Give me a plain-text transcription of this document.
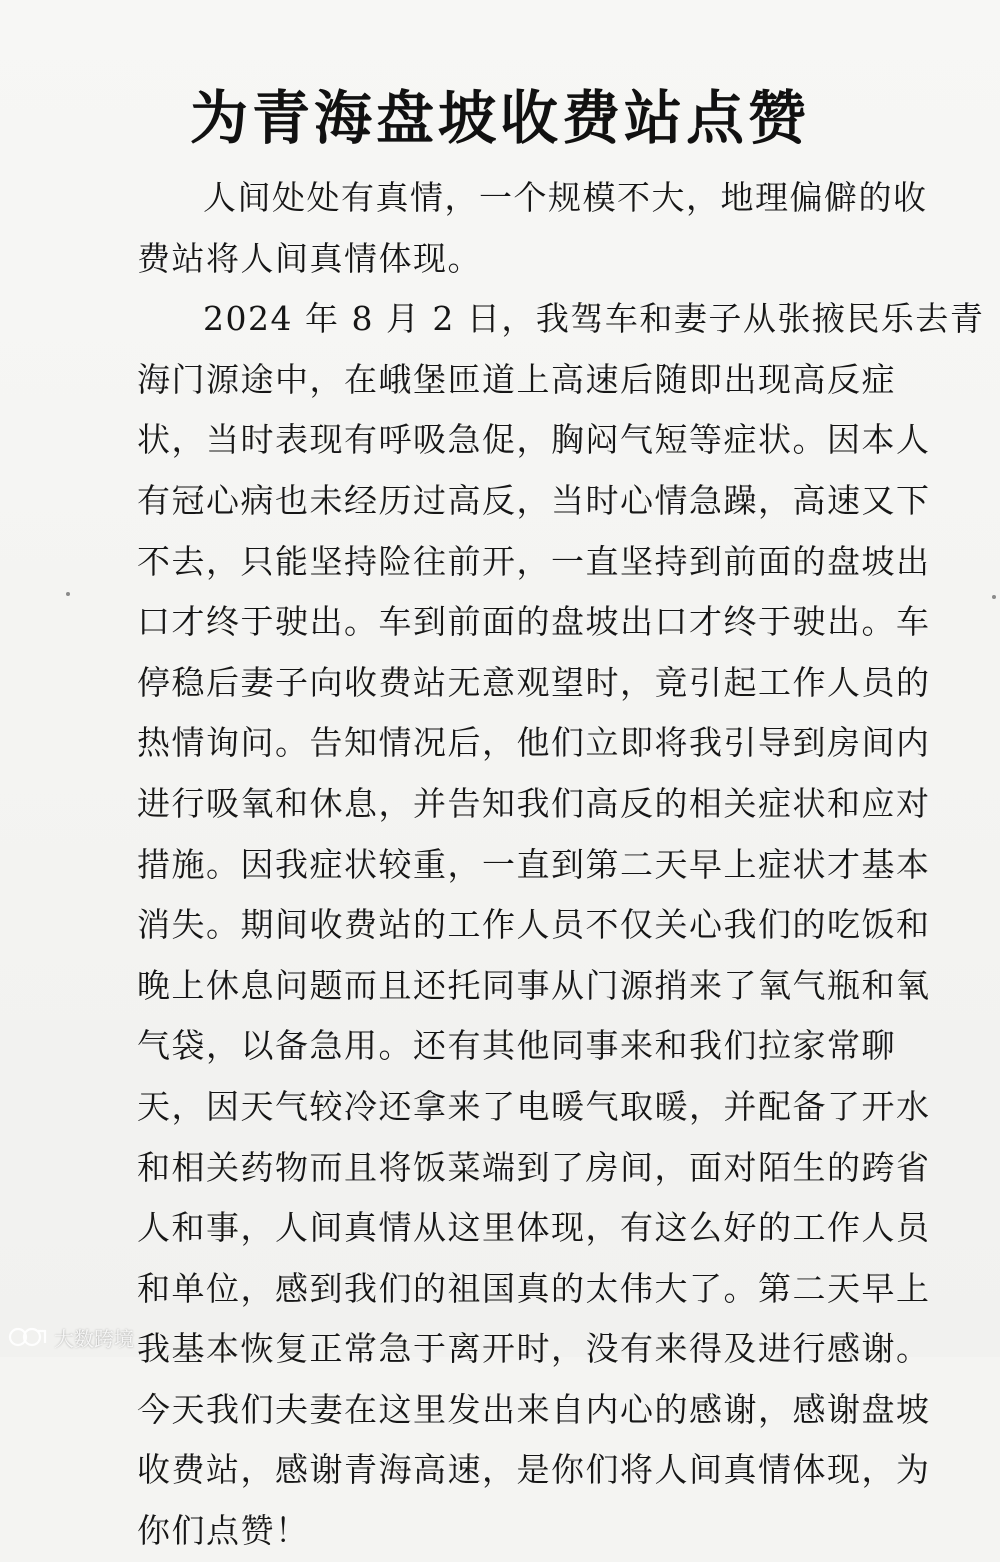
为青海盘坡收费站点赞
人间处处有真情，一个规模不大，地理偏僻的收
费站将人间真情体现。
2024 年 8 月 2 日，我驾车和妻子从张掖民乐去青
海门源途中，在峨堡匝道上高速后随即出现高反症
状，当时表现有呼吸急促，胸闷气短等症状。因本人
有冠心病也未经历过高反，当时心情急躁，高速又下
不去，只能坚持险往前开，一直坚持到前面的盘坡出
口才终于驶出。车到前面的盘坡出口才终于驶出。车
停稳后妻子向收费站无意观望时，竟引起工作人员的
热情询问。告知情况后，他们立即将我引导到房间内
进行吸氧和休息，并告知我们高反的相关症状和应对
措施。因我症状较重，一直到第二天早上症状才基本
消失。期间收费站的工作人员不仅关心我们的吃饭和
晚上休息问题而且还托同事从门源捎来了氧气瓶和氧
气袋，以备急用。还有其他同事来和我们拉家常聊
天，因天气较冷还拿来了电暖气取暖，并配备了开水
和相关药物而且将饭菜端到了房间，面对陌生的跨省
人和事，人间真情从这里体现，有这么好的工作人员
和单位，感到我们的祖国真的太伟大了。第二天早上
我基本恢复正常急于离开时，没有来得及进行感谢。
今天我们夫妻在这里发出来自内心的感谢，感谢盘坡
收费站，感谢青海高速，是你们将人间真情体现，为
你们点赞！
大数跨境
